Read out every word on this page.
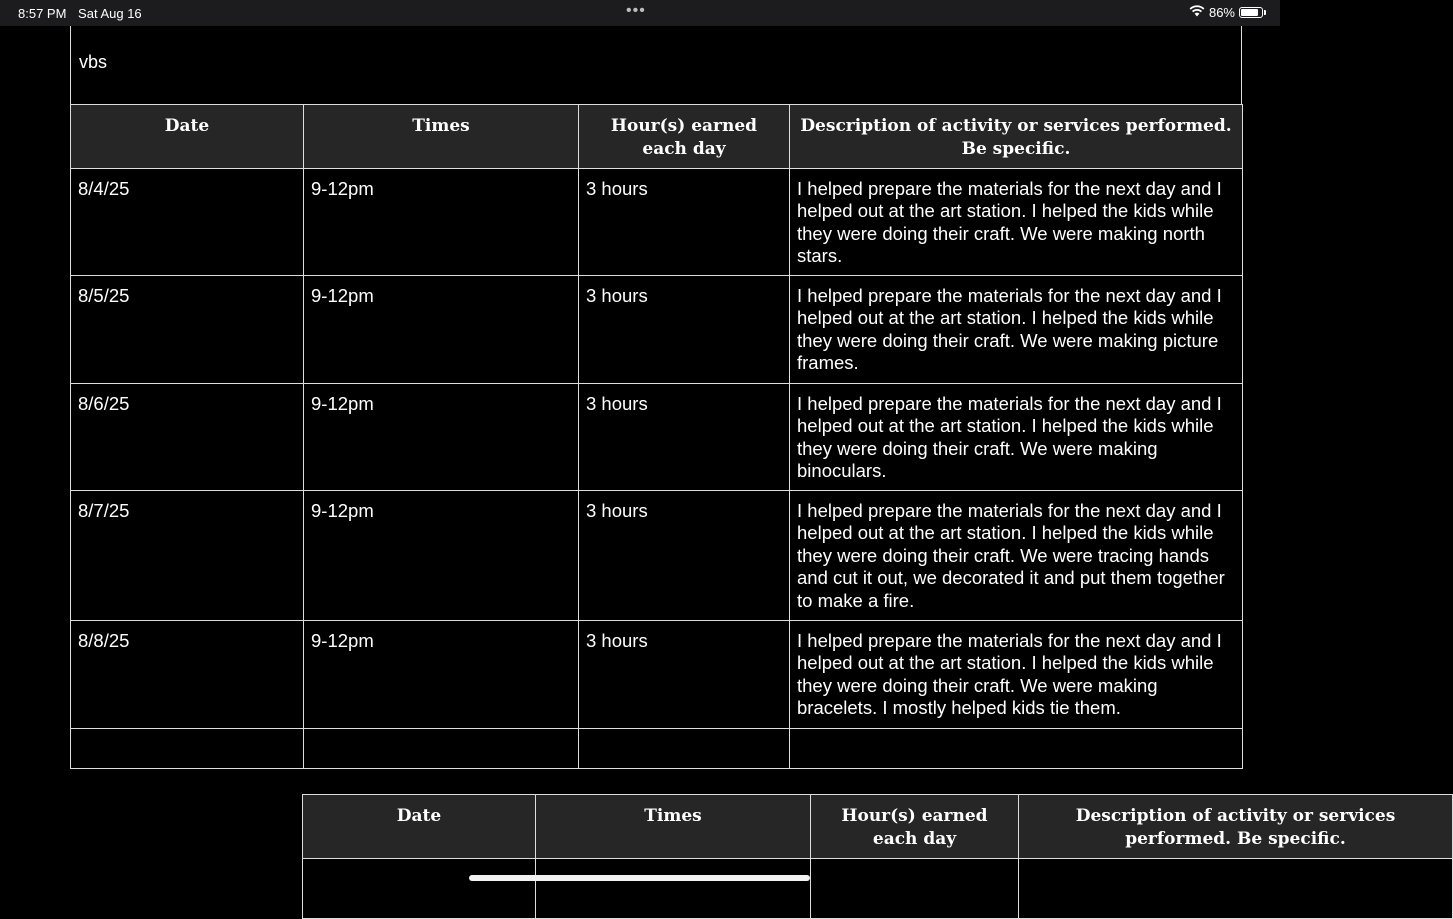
8:57 PM Sat Aug 16	•••	86%
vbs
Date	Times	Hour(s) earned each day	Description of activity or services performed. Be specific.
8/4/25	9-12pm	3 hours	I helped prepare the materials for the next day and I helped out at the art station. I helped the kids while they were doing their craft. We were making north stars.
8/5/25	9-12pm	3 hours	I helped prepare the materials for the next day and I helped out at the art station. I helped the kids while they were doing their craft. We were making picture frames.
8/6/25	9-12pm	3 hours	I helped prepare the materials for the next day and I helped out at the art station. I helped the kids while they were doing their craft. We were making binoculars.
8/7/25	9-12pm	3 hours	I helped prepare the materials for the next day and I helped out at the art station. I helped the kids while they were doing their craft. We were tracing hands and cut it out, we decorated it and put them together to make a fire.
8/8/25	9-12pm	3 hours	I helped prepare the materials for the next day and I helped out at the art station. I helped the kids while they were doing their craft. We were making bracelets. I mostly helped kids tie them.

Date	Times	Hour(s) earned each day	Description of activity or services performed. Be specific.
